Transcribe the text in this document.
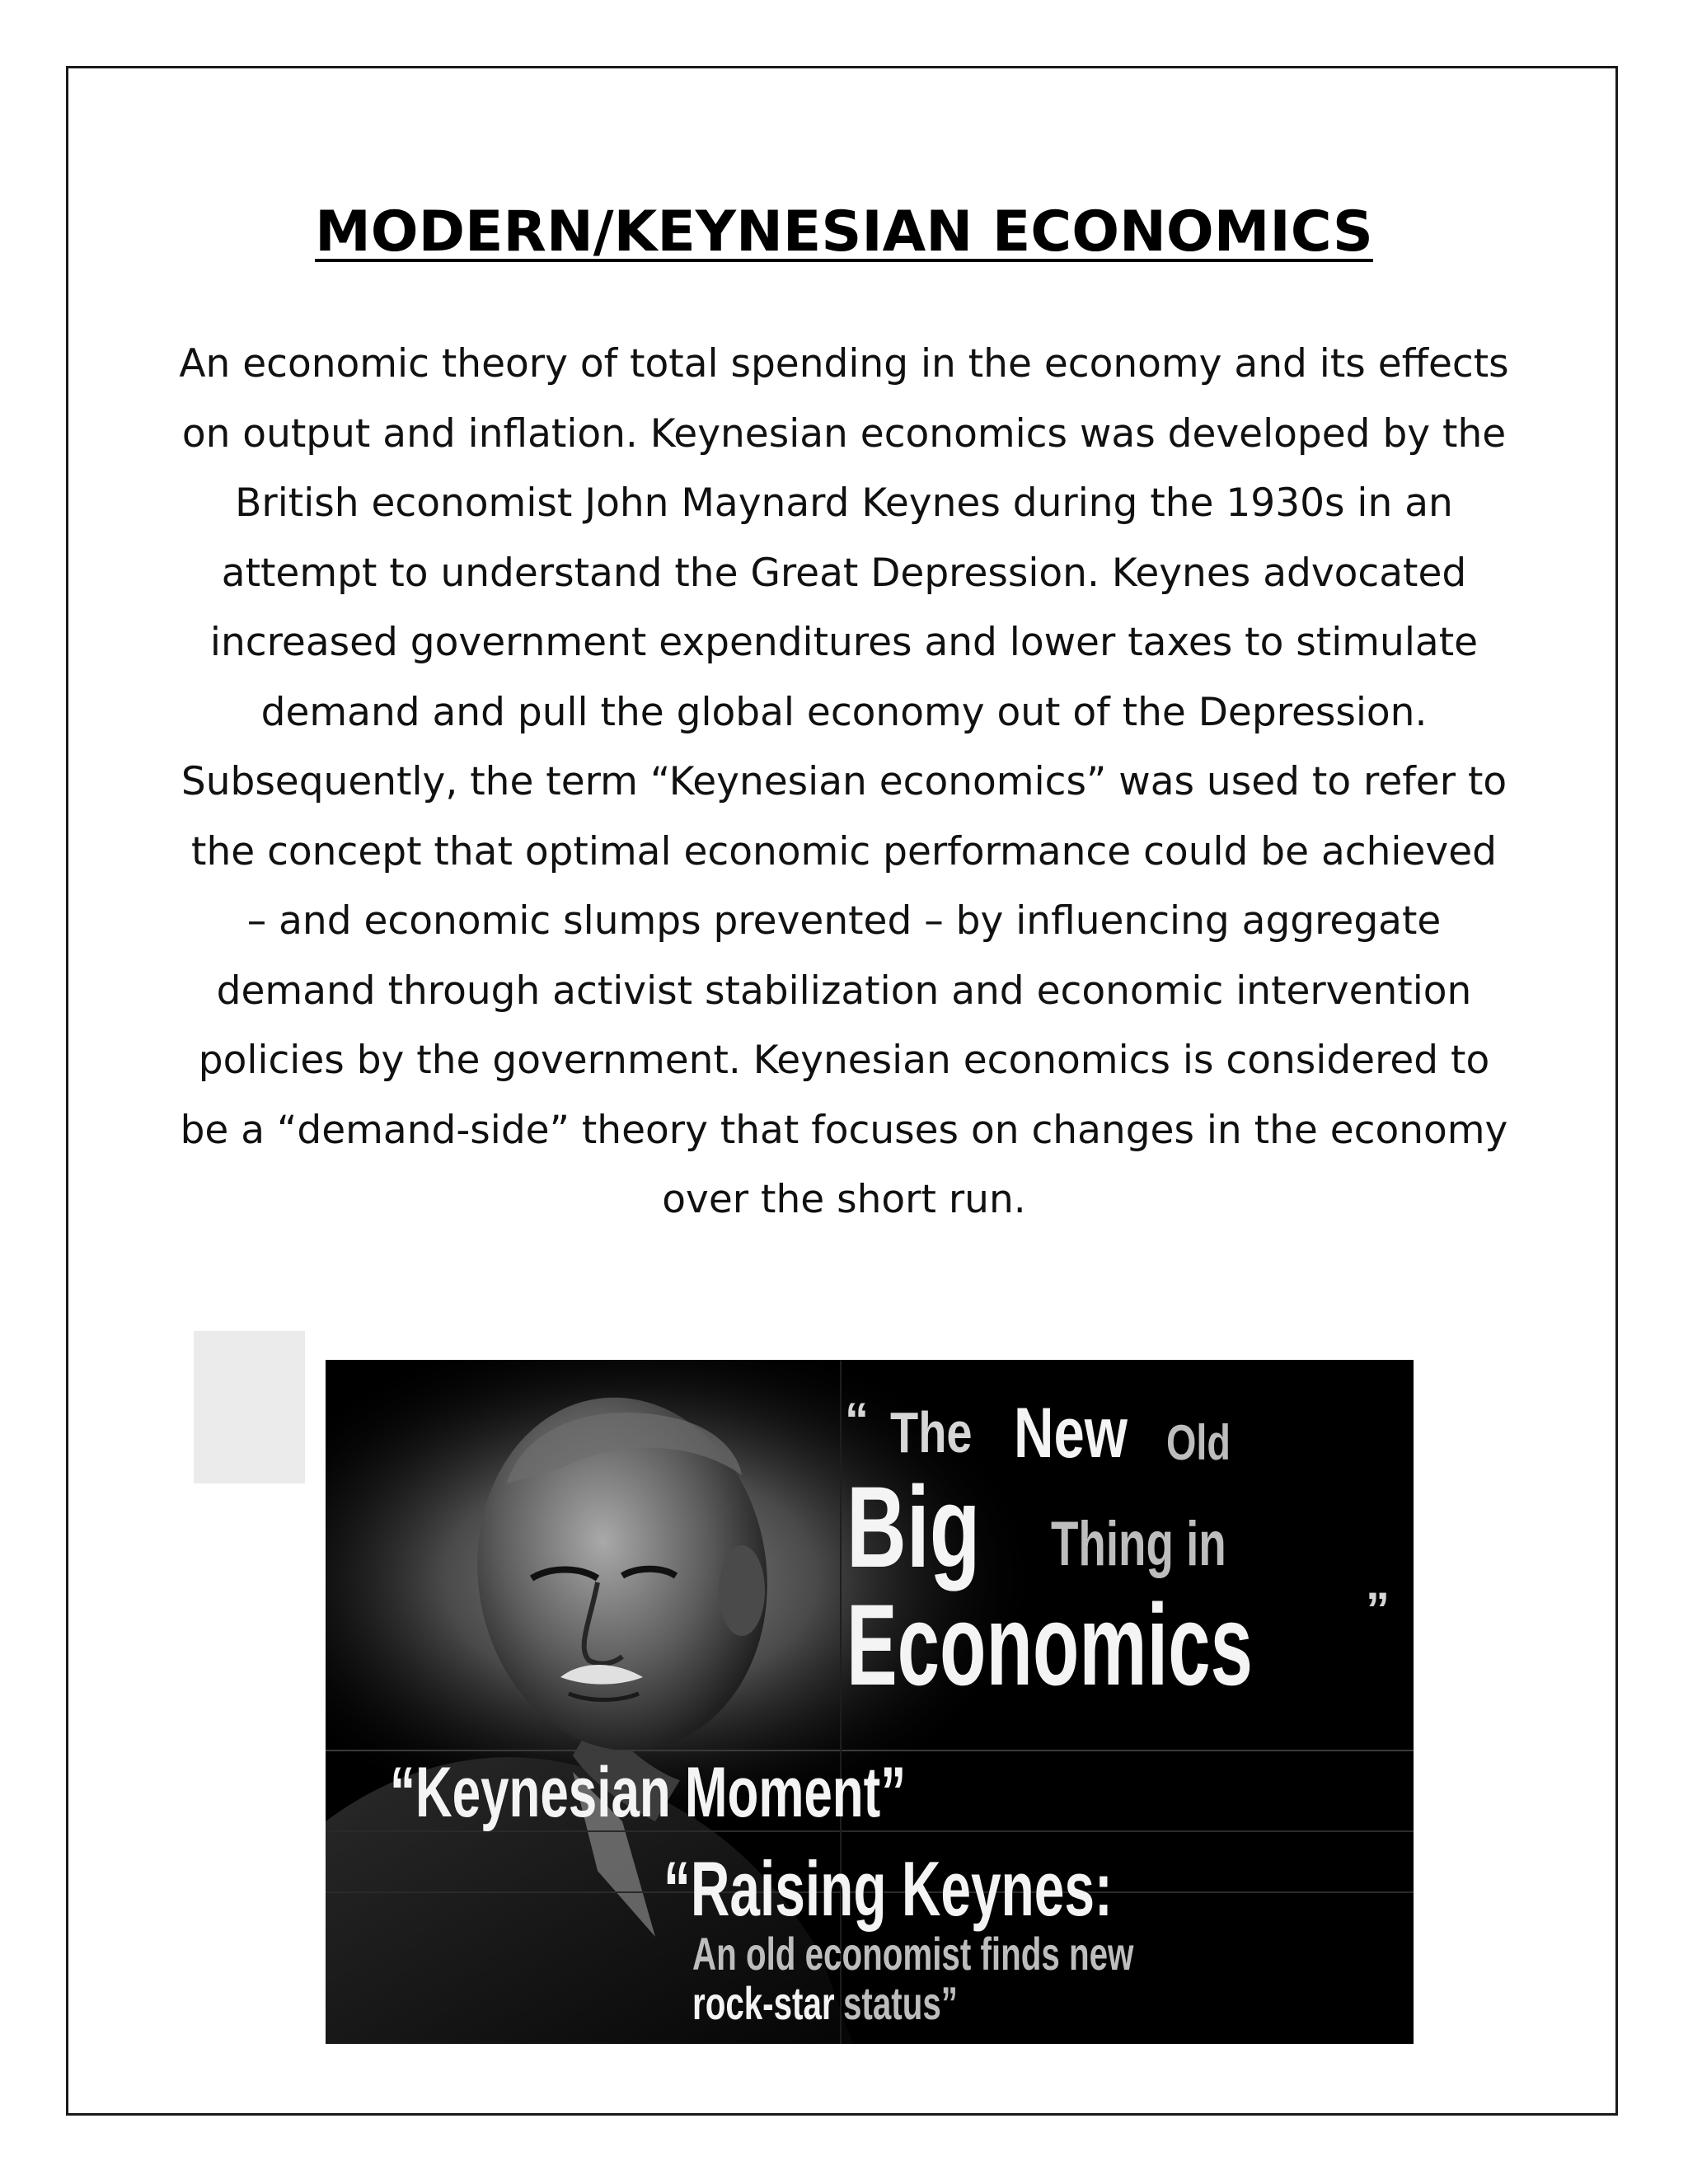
MODERN/KEYNESIAN ECONOMICS

An economic theory of total spending in the economy and its effects on output and inflation. Keynesian economics was developed by the British economist John Maynard Keynes during the 1930s in an attempt to understand the Great Depression. Keynes advocated increased government expenditures and lower taxes to stimulate demand and pull the global economy out of the Depression. Subsequently, the term “Keynesian economics” was used to refer to the concept that optimal economic performance could be achieved – and economic slumps prevented – by influencing aggregate demand through activist stabilization and economic intervention policies by the government. Keynesian economics is considered to be a “demand-side” theory that focuses on changes in the economy over the short run.

“ The New Old
Big Thing in
Economics ”
“Keynesian Moment”
“Raising Keynes:
An old economist finds new
rock-star status”
